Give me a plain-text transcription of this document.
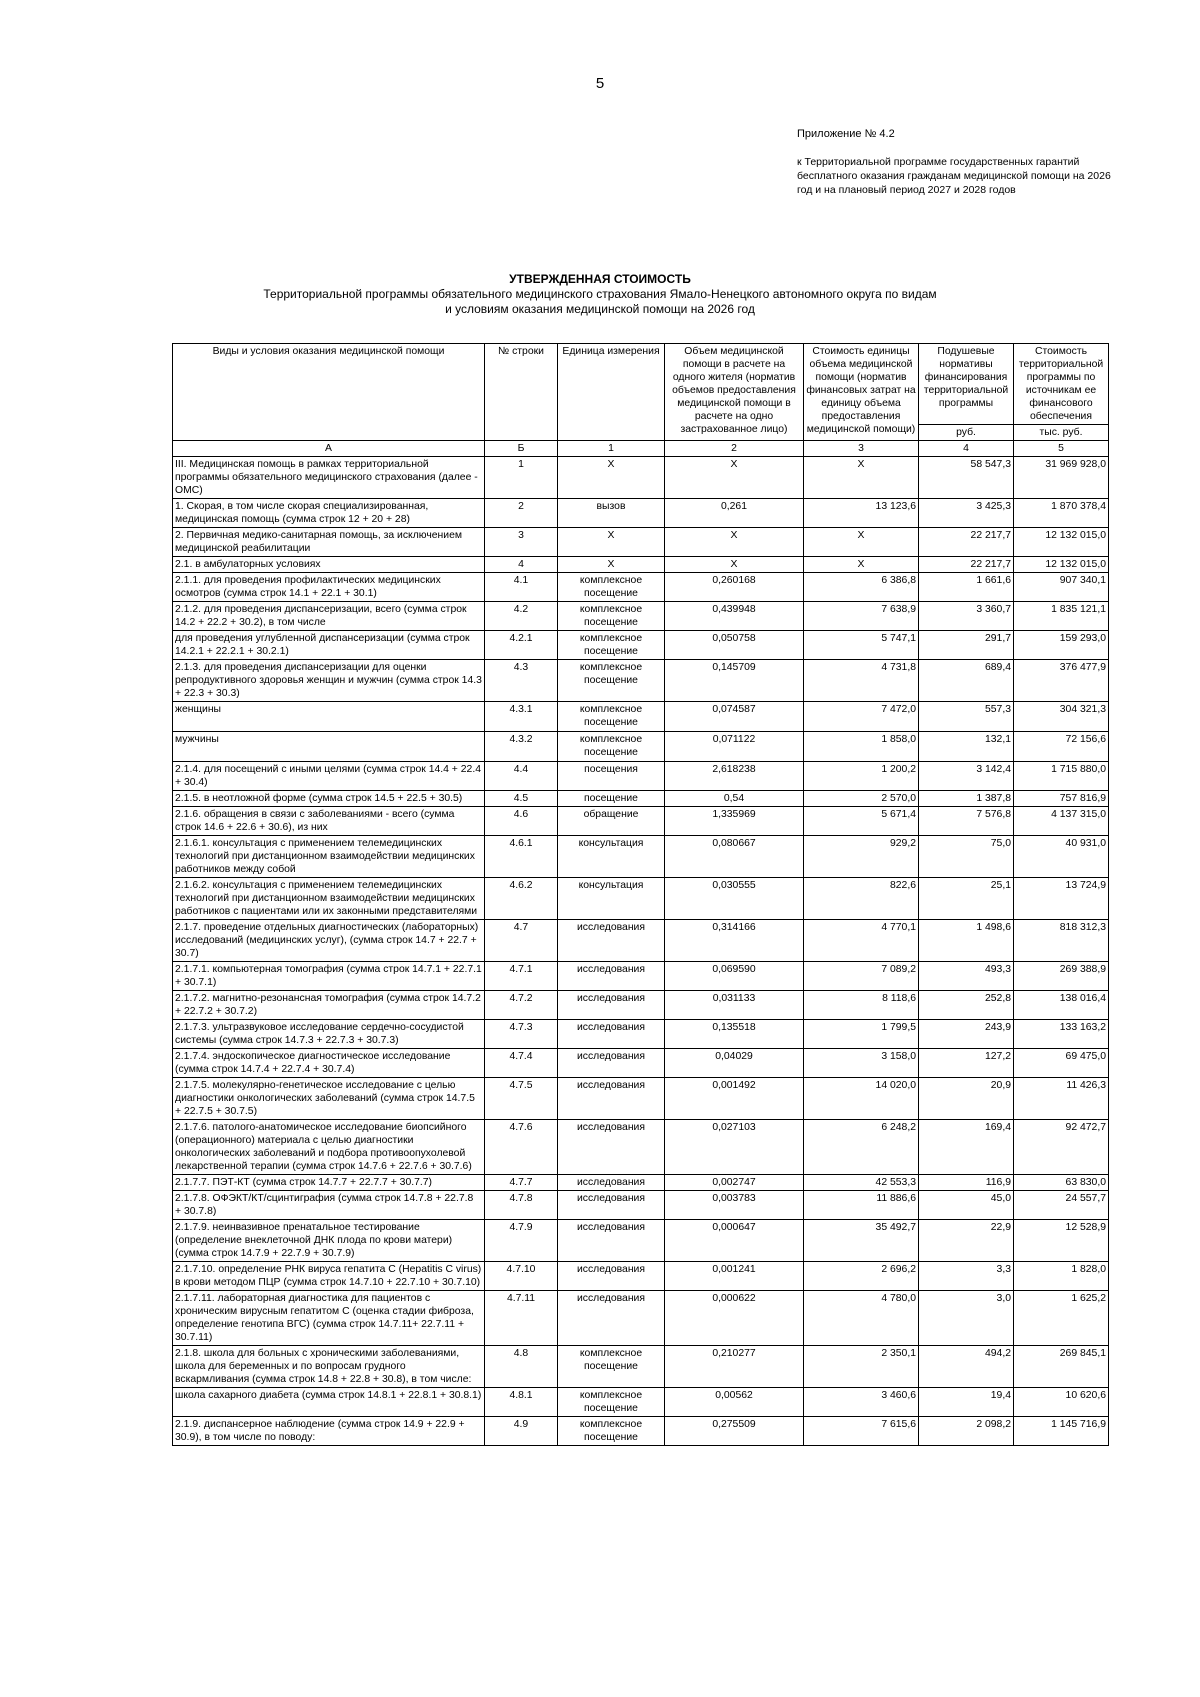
5
Приложение № 4.2
к Территориальной программе государственных гарантий бесплатного оказания гражданам медицинской помощи на 2026 год и на плановый период 2027 и 2028 годов
УТВЕРЖДЕННАЯ СТОИМОСТЬ
Территориальной программы обязательного медицинского страхования Ямало-Ненецкого автономного округа по видам
и условиям оказания медицинской помощи на 2026 год
Виды и условия оказания медицинской помощи	№ строки	Единица измерения	Объем медицинской помощи в расчете на одного жителя (норматив объемов предоставления медицинской помощи в расчете на одно застрахованное лицо)	Стоимость единицы объема медицинской помощи (норматив финансовых затрат на единицу объема предоставления медицинской помощи)	Подушевые нормативы финансирования территориальной программы	Стоимость территориальной программы по источникам ее финансового обеспечения
					руб.	тыс. руб.
А	Б	1	2	3	4	5
III. Медицинская помощь в рамках территориальной программы обязательного медицинского страхования (далее - ОМС)	1	X	X	X	58 547,3	31 969 928,0
1. Скорая, в том числе скорая специализированная, медицинская помощь (сумма строк 12 + 20 + 28)	2	вызов	0,261	13 123,6	3 425,3	1 870 378,4
2. Первичная медико-санитарная помощь, за исключением медицинской реабилитации	3	X	X	X	22 217,7	12 132 015,0
2.1. в амбулаторных условиях	4	X	X	X	22 217,7	12 132 015,0
2.1.1. для проведения профилактических медицинских осмотров (сумма строк 14.1 + 22.1 + 30.1)	4.1	комплексное посещение	0,260168	6 386,8	1 661,6	907 340,1
2.1.2. для проведения диспансеризации, всего (сумма строк 14.2 + 22.2 + 30.2), в том числе	4.2	комплексное посещение	0,439948	7 638,9	3 360,7	1 835 121,1
для проведения углубленной диспансеризации (сумма строк 14.2.1 + 22.2.1 + 30.2.1)	4.2.1	комплексное посещение	0,050758	5 747,1	291,7	159 293,0
2.1.3. для проведения диспансеризации для оценки репродуктивного здоровья женщин и мужчин (сумма строк 14.3 + 22.3 + 30.3)	4.3	комплексное посещение	0,145709	4 731,8	689,4	376 477,9
женщины	4.3.1	комплексное посещение	0,074587	7 472,0	557,3	304 321,3
мужчины	4.3.2	комплексное посещение	0,071122	1 858,0	132,1	72 156,6
2.1.4. для посещений с иными целями (сумма строк 14.4 + 22.4 + 30.4)	4.4	посещения	2,618238	1 200,2	3 142,4	1 715 880,0
2.1.5. в неотложной форме (сумма строк 14.5 + 22.5 + 30.5)	4.5	посещение	0,54	2 570,0	1 387,8	757 816,9
2.1.6. обращения в связи с заболеваниями - всего (сумма строк 14.6 + 22.6 + 30.6), из них	4.6	обращение	1,335969	5 671,4	7 576,8	4 137 315,0
2.1.6.1. консультация с применением телемедицинских технологий при дистанционном взаимодействии медицинских работников между собой	4.6.1	консультация	0,080667	929,2	75,0	40 931,0
2.1.6.2. консультация с применением телемедицинских технологий при дистанционном взаимодействии медицинских работников с пациентами или их законными представителями	4.6.2	консультация	0,030555	822,6	25,1	13 724,9
2.1.7. проведение отдельных диагностических (лабораторных) исследований (медицинских услуг), (сумма строк 14.7 + 22.7 + 30.7)	4.7	исследования	0,314166	4 770,1	1 498,6	818 312,3
2.1.7.1. компьютерная томография (сумма строк 14.7.1 + 22.7.1 + 30.7.1)	4.7.1	исследования	0,069590	7 089,2	493,3	269 388,9
2.1.7.2. магнитно-резонансная томография (сумма строк 14.7.2 + 22.7.2 + 30.7.2)	4.7.2	исследования	0,031133	8 118,6	252,8	138 016,4
2.1.7.3. ультразвуковое исследование сердечно-сосудистой системы (сумма строк 14.7.3 + 22.7.3 + 30.7.3)	4.7.3	исследования	0,135518	1 799,5	243,9	133 163,2
2.1.7.4. эндоскопическое диагностическое исследование (сумма строк 14.7.4 + 22.7.4 + 30.7.4)	4.7.4	исследования	0,04029	3 158,0	127,2	69 475,0
2.1.7.5. молекулярно-генетическое исследование с целью диагностики онкологических заболеваний (сумма строк 14.7.5 + 22.7.5 + 30.7.5)	4.7.5	исследования	0,001492	14 020,0	20,9	11 426,3
2.1.7.6. патолого-анатомическое исследование биопсийного (операционного) материала с целью диагностики онкологических заболеваний и подбора противоопухолевой лекарственной терапии (сумма строк 14.7.6 + 22.7.6 + 30.7.6)	4.7.6	исследования	0,027103	6 248,2	169,4	92 472,7
2.1.7.7. ПЭТ-КТ (сумма строк 14.7.7 + 22.7.7 + 30.7.7)	4.7.7	исследования	0,002747	42 553,3	116,9	63 830,0
2.1.7.8. ОФЭКТ/КТ/сцинтиграфия (сумма строк 14.7.8 + 22.7.8 + 30.7.8)	4.7.8	исследования	0,003783	11 886,6	45,0	24 557,7
2.1.7.9. неинвазивное пренатальное тестирование (определение внеклеточной ДНК плода по крови матери) (сумма строк 14.7.9 + 22.7.9 + 30.7.9)	4.7.9	исследования	0,000647	35 492,7	22,9	12 528,9
2.1.7.10. определение РНК вируса гепатита С (Hepatitis C virus) в крови методом ПЦР (сумма строк 14.7.10 + 22.7.10 + 30.7.10)	4.7.10	исследования	0,001241	2 696,2	3,3	1 828,0
2.1.7.11. лабораторная диагностика для пациентов с хроническим вирусным гепатитом С (оценка стадии фиброза, определение генотипа ВГС) (сумма строк 14.7.11+ 22.7.11 + 30.7.11)	4.7.11	исследования	0,000622	4 780,0	3,0	1 625,2
2.1.8. школа для больных с хроническими заболеваниями, школа для беременных и по вопросам грудного вскармливания (сумма строк 14.8 + 22.8 + 30.8), в том числе:	4.8	комплексное посещение	0,210277	2 350,1	494,2	269 845,1
школа сахарного диабета (сумма строк 14.8.1 + 22.8.1 + 30.8.1)	4.8.1	комплексное посещение	0,00562	3 460,6	19,4	10 620,6
2.1.9. диспансерное наблюдение (сумма строк 14.9 + 22.9 + 30.9), в том числе по поводу:	4.9	комплексное посещение	0,275509	7 615,6	2 098,2	1 145 716,9
